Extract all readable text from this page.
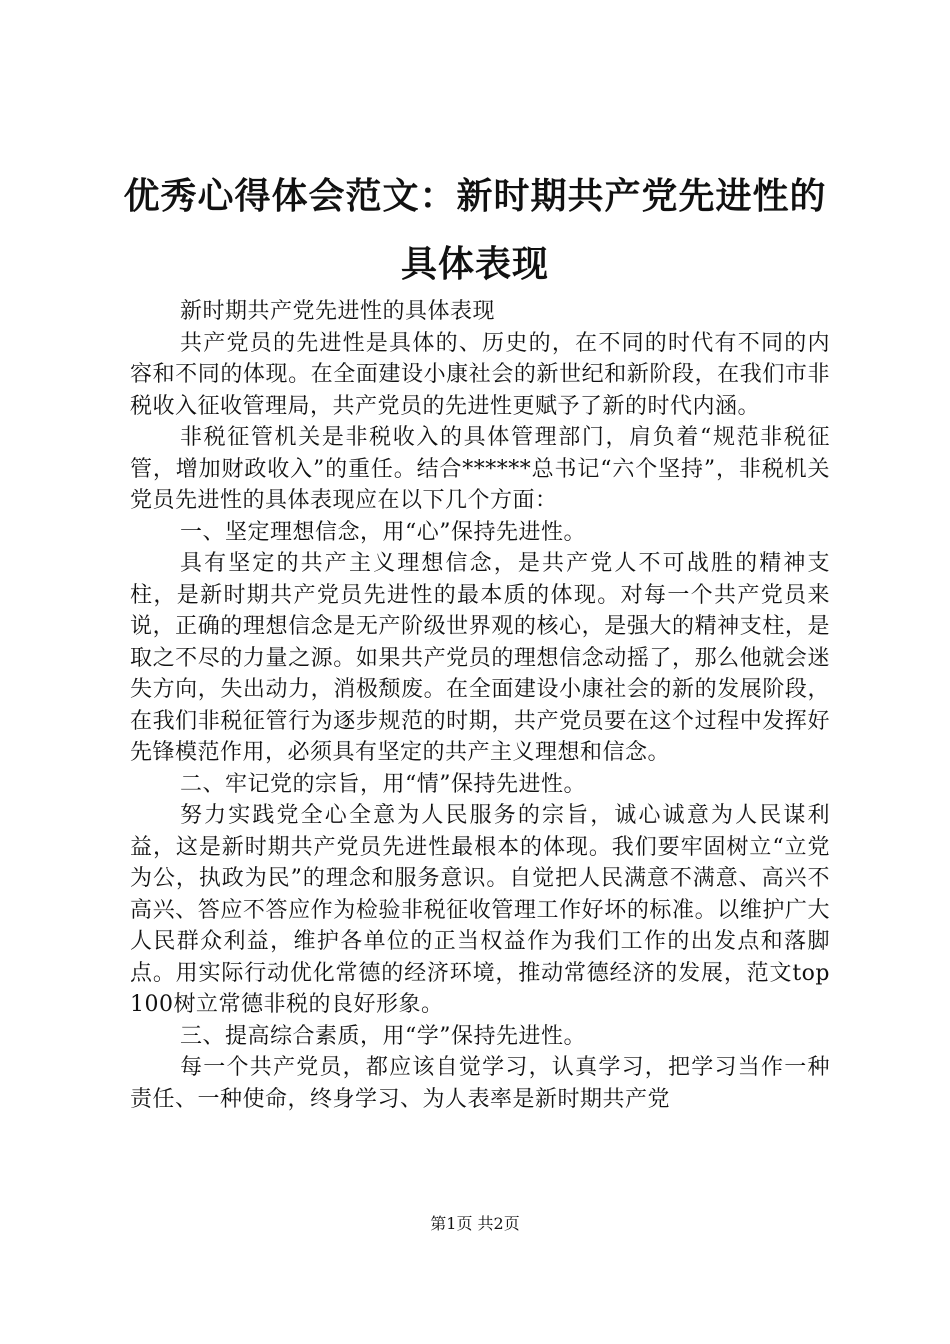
优秀心得体会范文：新时期共产党先进性的具体表现

新时期共产党先进性的具体表现

共产党员的先进性是具体的、历史的，在不同的时代有不同的内容和不同的体现。在全面建设小康社会的新世纪和新阶段，在我们市非税收入征收管理局，共产党员的先进性更赋予了新的时代内涵。

非税征管机关是非税收入的具体管理部门，肩负着“规范非税征管，增加财政收入”的重任。结合******总书记“六个坚持”，非税机关党员先进性的具体表现应在以下几个方面：

一、坚定理想信念，用“心”保持先进性。

具有坚定的共产主义理想信念，是共产党人不可战胜的精神支柱，是新时期共产党员先进性的最本质的体现。对每一个共产党员来说，正确的理想信念是无产阶级世界观的核心，是强大的精神支柱，是取之不尽的力量之源。如果共产党员的理想信念动摇了，那么他就会迷失方向，失出动力，消极颓废。在全面建设小康社会的新的发展阶段，在我们非税征管行为逐步规范的时期，共产党员要在这个过程中发挥好先锋模范作用，必须具有坚定的共产主义理想和信念。

二、牢记党的宗旨，用“情”保持先进性。

努力实践党全心全意为人民服务的宗旨，诚心诚意为人民谋利益，这是新时期共产党员先进性最根本的体现。我们要牢固树立“立党为公，执政为民”的理念和服务意识。自觉把人民满意不满意、高兴不高兴、答应不答应作为检验非税征收管理工作好坏的标准。以维护广大人民群众利益，维护各单位的正当权益作为我们工作的出发点和落脚点。用实际行动优化常德的经济环境，推动常德经济的发展，范文top100树立常德非税的良好形象。

三、提高综合素质，用“学”保持先进性。

每一个共产党员，都应该自觉学习，认真学习，把学习当作一种责任、一种使命，终身学习、为人表率是新时期共产党

第1页 共2页
